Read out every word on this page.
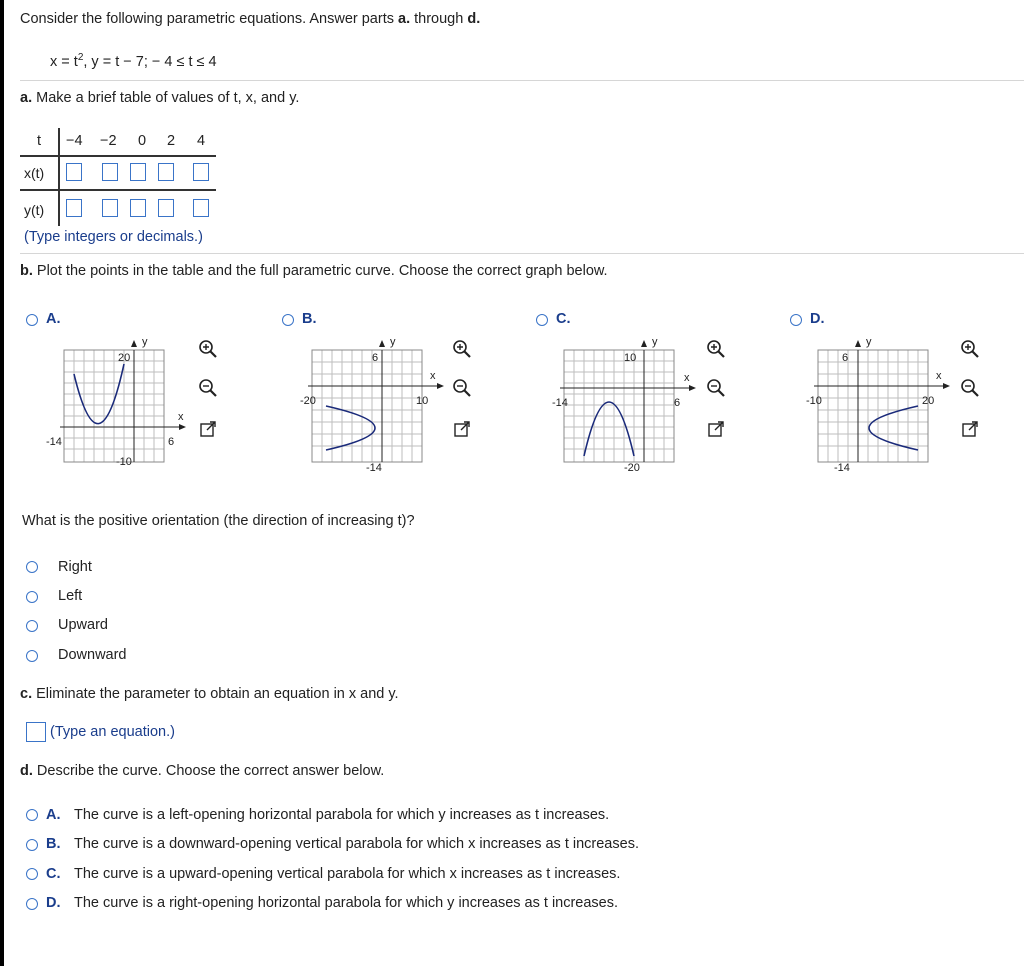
Consider the following parametric equations. Answer parts a. through d.
$x = t^2$, y = t − 7; − 4 ≤ t ≤ 4
a. Make a brief table of values of t, x, and y.
t −4 −2 0 2 4
x(t)
y(t)
(Type integers or decimals.)
b. Plot the points in the table and the full parametric curve. Choose the correct graph below.
A.
y
20
-10
-14	6
x
B.
y
6
-14
-20	10
x
C.
y
10
-20
-14	6
x
D.
y
6
-14
-10	20
x
What is the positive orientation (the direction of increasing t)?
Right
Left
Upward
Downward
c. Eliminate the parameter to obtain an equation in x and y.
(Type an equation.)
d. Describe the curve. Choose the correct answer below.
A. The curve is a left-opening horizontal parabola for which y increases as t increases.
B. The curve is a downward-opening vertical parabola for which x increases as t increases.
C. The curve is a upward-opening vertical parabola for which x increases as t increases.
D. The curve is a right-opening horizontal parabola for which y increases as t increases.
